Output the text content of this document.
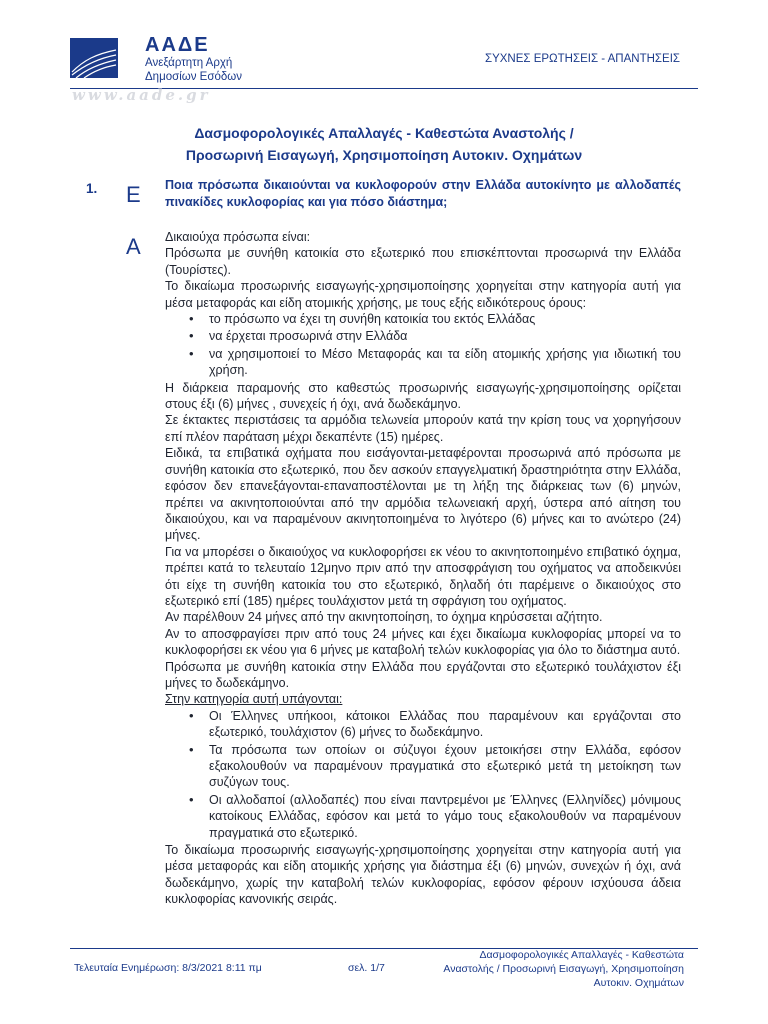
ΑΑΔΕ
Ανεξάρτητη Αρχή
Δημοσίων Εσόδων
ΣΥΧΝΕΣ ΕΡΩΤΗΣΕΙΣ - ΑΠΑΝΤΗΣΕΙΣ
www.aade.gr
Δασμοφορολογικές Απαλλαγές - Καθεστώτα Αναστολής /
Προσωρινή Εισαγωγή, Χρησιμοποίηση Αυτοκιν. Οχημάτων
1. Ε
Α
Ποια πρόσωπα δικαιούνται να κυκλοφορούν στην Ελλάδα αυτοκίνητο με αλλοδαπές πινακίδες κυκλοφορίας και για πόσο διάστημα;

Δικαιούχα πρόσωπα είναι:

Πρόσωπα με συνήθη κατοικία στο εξωτερικό που επισκέπτονται προσωρινά την Ελλάδα (Τουρίστες).

Το δικαίωμα προσωρινής εισαγωγής-χρησιμοποίησης χορηγείται στην κατηγορία αυτή για μέσα μεταφοράς και είδη ατομικής χρήσης, με τους εξής ειδικότερους όρους:

• το πρόσωπο να έχει τη συνήθη κατοικία του εκτός Ελλάδας
• να έρχεται προσωρινά στην Ελλάδα
• να χρησιμοποιεί το Μέσο Μεταφοράς και τα είδη ατομικής χρήσης για ιδιωτική του χρήση.

Η διάρκεια παραμονής στο καθεστώς προσωρινής εισαγωγής-χρησιμοποίησης ορίζεται στους έξι (6) μήνες , συνεχείς ή όχι, ανά δωδεκάμηνο.

Σε έκτακτες περιστάσεις τα αρμόδια τελωνεία μπορούν κατά την κρίση τους να χορηγήσουν επί πλέον παράταση μέχρι δεκαπέντε (15) ημέρες.

Ειδικά, τα επιβατικά οχήματα που εισάγονται-μεταφέρονται προσωρινά από πρόσωπα με συνήθη κατοικία στο εξωτερικό, που δεν ασκούν επαγγελματική δραστηριότητα στην Ελλάδα, εφόσον δεν επανεξάγονται-επαναποστέλονται με τη λήξη της διάρκειας των (6) μηνών, πρέπει να ακινητοποιούνται από την αρμόδια τελωνειακή αρχή, ύστερα από αίτηση του δικαιούχου, και να παραμένουν ακινητοποιημένα το λιγότερο (6) μήνες και το ανώτερο (24) μήνες.

Για να μπορέσει ο δικαιούχος να κυκλοφορήσει εκ νέου το ακινητοποιημένο επιβατικό όχημα, πρέπει κατά το τελευταίο 12μηνο πριν από την αποσφράγιση του οχήματος να αποδεικνύει ότι είχε τη συνήθη κατοικία του στο εξωτερικό, δηλαδή ότι παρέμεινε ο δικαιούχος στο εξωτερικό επί (185) ημέρες τουλάχιστον μετά τη σφράγιση του οχήματος.

Αν παρέλθουν 24 μήνες από την ακινητοποίηση, το όχημα κηρύσσεται αζήτητο.

Αν το αποσφραγίσει πριν από τους 24 μήνες και έχει δικαίωμα κυκλοφορίας μπορεί να το κυκλοφορήσει εκ νέου για 6 μήνες με καταβολή τελών κυκλοφορίας για όλο το διάστημα αυτό.

Πρόσωπα με συνήθη κατοικία στην Ελλάδα που εργάζονται στο εξωτερικό τουλάχιστον έξι μήνες το δωδεκάμηνο.

Στην κατηγορία αυτή υπάγονται:

• Οι Έλληνες υπήκοοι, κάτοικοι Ελλάδας που παραμένουν και εργάζονται στο εξωτερικό, τουλάχιστον (6) μήνες το δωδεκάμηνο.
• Τα πρόσωπα των οποίων οι σύζυγοι έχουν μετοικήσει στην Ελλάδα, εφόσον εξακολουθούν να παραμένουν πραγματικά στο εξωτερικό μετά τη μετοίκηση των συζύγων τους.
• Οι αλλοδαποί (αλλοδαπές) που είναι παντρεμένοι με Έλληνες (Ελληνίδες) μόνιμους κατοίκους Ελλάδας, εφόσον και μετά το γάμο τους εξακολουθούν να παραμένουν πραγματικά στο εξωτερικό.

Το δικαίωμα προσωρινής εισαγωγής-χρησιμοποίησης χορηγείται στην κατηγορία αυτή για μέσα μεταφοράς και είδη ατομικής χρήσης για διάστημα έξι (6) μηνών, συνεχών ή όχι, ανά δωδεκάμηνο, χωρίς την καταβολή τελών κυκλοφορίας, εφόσον φέρουν ισχύουσα άδεια κυκλοφορίας κανονικής σειράς.

Τελευταία Ενημέρωση: 8/3/2021 8:11 πμ	σελ. 1/7
Δασμοφορολογικές Απαλλαγές - Καθεστώτα
Αναστολής / Προσωρινή Εισαγωγή, Χρησιμοποίηση
Αυτοκιν. Οχημάτων
